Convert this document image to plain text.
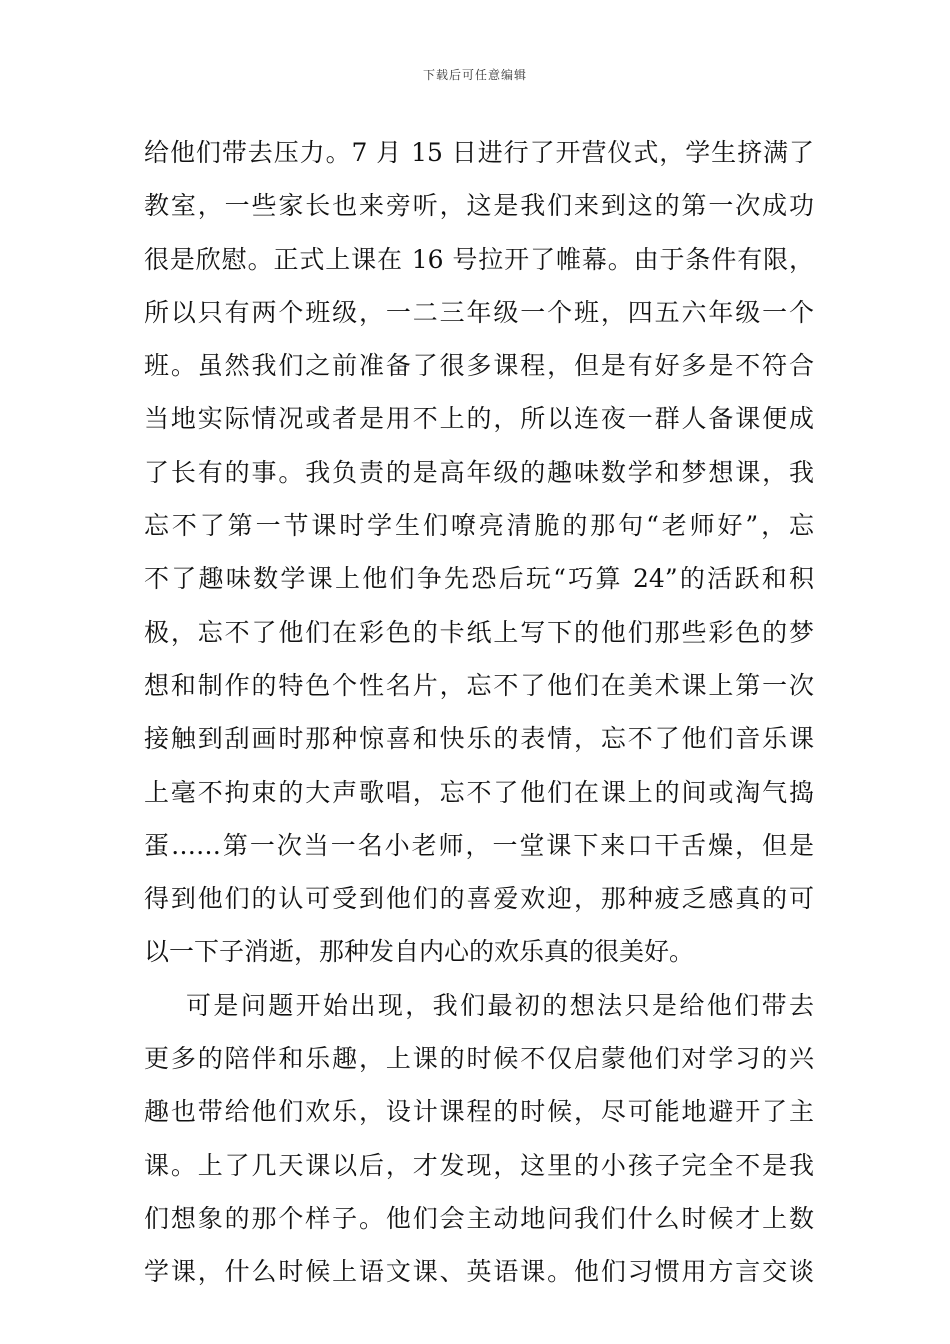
下载后可任意编辑
给他们带去压力。7 月 15 日进行了开营仪式，学生挤满了
教室，一些家长也来旁听，这是我们来到这的第一次成功
很是欣慰。正式上课在 16 号拉开了帷幕。由于条件有限，
所以只有两个班级，一二三年级一个班，四五六年级一个
班。虽然我们之前准备了很多课程，但是有好多是不符合
当地实际情况或者是用不上的，所以连夜一群人备课便成
了长有的事。我负责的是高年级的趣味数学和梦想课，我
忘不了第一节课时学生们嘹亮清脆的那句“老师好”，忘
不了趣味数学课上他们争先恐后玩“巧算 24”的活跃和积
极，忘不了他们在彩色的卡纸上写下的他们那些彩色的梦
想和制作的特色个性名片，忘不了他们在美术课上第一次
接触到刮画时那种惊喜和快乐的表情，忘不了他们音乐课
上毫不拘束的大声歌唱，忘不了他们在课上的间或淘气捣
蛋……第一次当一名小老师，一堂课下来口干舌燥，但是
得到他们的认可受到他们的喜爱欢迎，那种疲乏感真的可
以一下子消逝，那种发自内心的欢乐真的很美好。
可是问题开始出现，我们最初的想法只是给他们带去
更多的陪伴和乐趣，上课的时候不仅启蒙他们对学习的兴
趣也带给他们欢乐，设计课程的时候，尽可能地避开了主
课。上了几天课以后，才发现，这里的小孩子完全不是我
们想象的那个样子。他们会主动地问我们什么时候才上数
学课，什么时候上语文课、英语课。他们习惯用方言交谈
